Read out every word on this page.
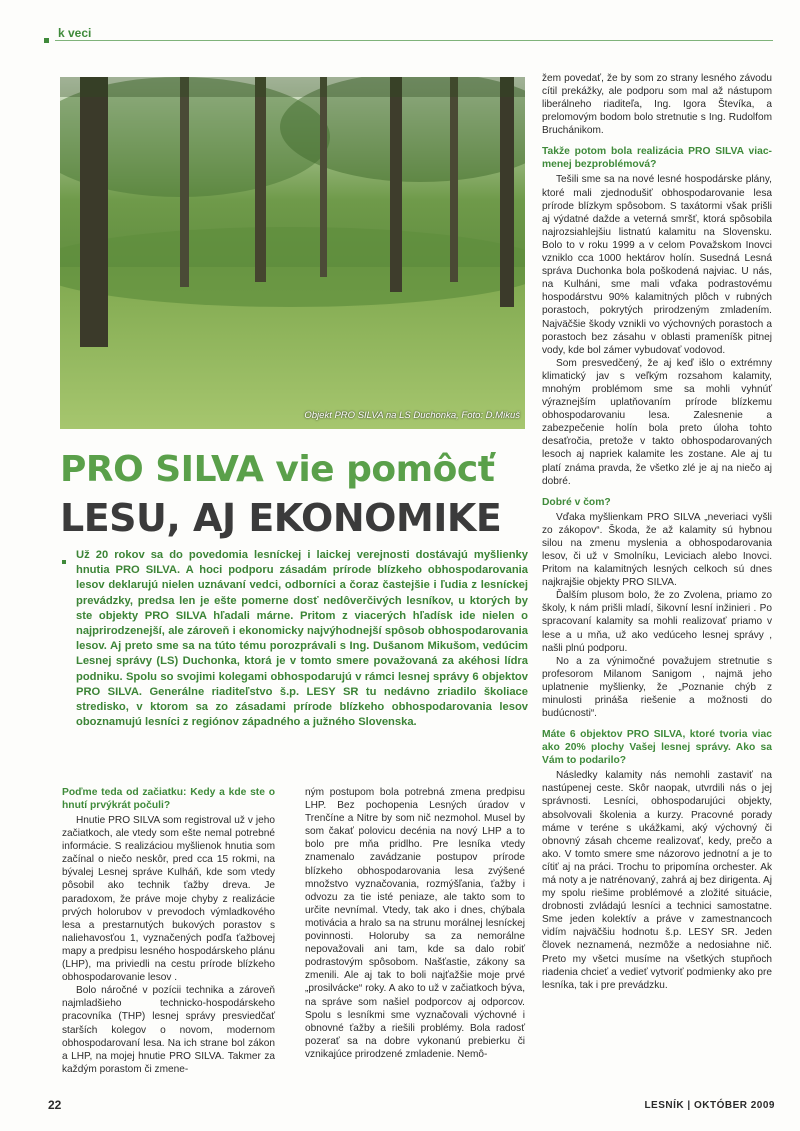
k veci
Objekt PRO SILVA na LS Duchonka, Foto: D.Mikuš
PRO SILVA vie pomôcť
LESU, AJ EKONOMIKE
Už 20 rokov sa do povedomia lesníckej i laickej verejnosti dostávajú myšlienky hnutia PRO SILVA. A hoci podporu zásadám prírode blízkeho obhospodarovania lesov deklarujú nielen uznávaní vedci, odborníci a čoraz častejšie i ľudia z lesníckej prevádzky, predsa len je ešte pomerne dosť nedôverčivých lesníkov, u ktorých by ste objekty PRO SILVA hľadali márne. Pritom z viacerých hľadísk ide nielen o najprirodzenejší, ale zároveň i ekonomicky najvýhodnejší spôsob obhospodarovania lesov. Aj preto sme sa na túto tému porozprávali s Ing. Dušanom Mikušom, vedúcim Lesnej správy (LS) Duchonka, ktorá je v tomto smere považovaná za akéhosi lídra podniku. Spolu so svojimi kolegami obhospodarujú v rámci lesnej správy 6 objektov PRO SILVA. Generálne riaditeľstvo š.p. LESY SR tu nedávno zriadilo školiace stredisko, v ktorom sa zo zásadami prírode blízkeho obhospodarovania lesov oboznamujú lesníci z regiónov západného a južného Slovenska.
Poďme teda od začiatku: Kedy a kde ste o hnutí prvýkrát počuli?

Hnutie PRO SILVA som registroval už v jeho začiatkoch, ale vtedy som ešte nemal potrebné informácie. S realizáciou myšlienok hnutia som začínal o niečo neskôr, pred cca 15 rokmi, na bývalej Lesnej správe Kulháň, kde som vtedy pôsobil ako technik ťažby dreva. Je paradoxom, že práve moje chyby z realizácie prvých holorubov v prevodoch výmladkového lesa a prestarnutých bukových porastov s naliehavosťou 1, vyznačených podľa ťažbovej mapy a predpisu lesného hospodárskeho plánu (LHP), ma priviedli na cestu prírode blízkeho obhospodarovanie lesov .

Bolo náročné v pozícii technika a zároveň najmladšieho technicko-hospodárskeho pracovníka (THP) lesnej správy presviedčať starších kolegov o novom, modernom obhospodarovaní lesa. Na ich strane bol zákon a LHP, na mojej hnutie PRO SILVA. Takmer za každým porastom či zmene-

ným postupom bola potrebná zmena predpisu LHP. Bez pochopenia Lesných úradov v Trenčíne a Nitre by som nič nezmohol. Musel by som čakať polovicu decénia na nový LHP a to bolo pre mňa pridlho. Pre lesníka vtedy znamenalo zavádzanie postupov prírode blízkeho obhospodarovania lesa zvýšené množstvo vyznačovania, rozmýšľania, ťažby i odvozu za tie isté peniaze, ale takto som to určite nevnímal. Vtedy, tak ako i dnes, chýbala motivácia a hralo sa na strunu morálnej lesníckej povinnosti. Holoruby sa za nemorálne nepovažovali ani tam, kde sa dalo robiť podrastovým spôsobom. Našťastie, zákony sa zmenili. Ale aj tak to boli najťažšie moje prvé „prosilvácke“ roky. A ako to už v začiatkoch býva, na správe som našiel podporcov aj odporcov. Spolu s lesníkmi sme vyznačovali výchovné i obnovné ťažby a riešili problémy. Bola radosť pozerať sa na dobre vykonanú prebierku či vznikajúce prirodzené zmladenie. Nemô-

žem povedať, že by som zo strany lesného závodu cítil prekážky, ale podporu som mal až nástupom liberálneho riaditeľa, Ing. Igora Števíka, a prelomovým bodom bolo stretnutie s Ing. Rudolfom Bruchánikom.

Takže potom bola realizácia PRO SILVA viac-menej bezproblémová?

Tešili sme sa na nové lesné hospodárske plány, ktoré mali zjednodušiť obhospodarovanie lesa prírode blízkym spôsobom. S taxátormi však prišli aj výdatné dažde a veterná smršť, ktorá spôsobila najrozsiahlejšiu listnatú kalamitu na Slovensku. Bolo to v roku 1999 a v celom Považskom Inovci vzniklo cca 1000 hektárov holín. Susedná Lesná správa Duchonka bola poškodená najviac. U nás, na Kulháni, sme mali vďaka podrastovému hospodárstvu 90% kalamitných plôch v rubných porastoch, pokrytých prirodzeným zmladením. Najväčšie škody vznikli vo výchovných porastoch a porastoch bez zásahu v oblasti prameníšk pitnej vody, kde bol zámer vybudovať vodovod.

Som presvedčený, že aj keď išlo o extrémny klimatický jav s veľkým rozsahom kalamity, mnohým problémom sme sa mohli vyhnúť výraznejším uplatňovaním prírode blízkemu obhospodarovaniu lesa. Zalesnenie a zabezpečenie holín bola preto úloha tohto desaťročia, pretože v takto obhospodarovaných lesoch aj napriek kalamite les zostane. Ale aj tu platí známa pravda, že všetko zlé je aj na niečo aj dobré.

Dobré v čom?

Vďaka myšlienkam PRO SILVA „neveriaci vyšli zo zákopov“. Škoda, že až kalamity sú hybnou silou na zmenu myslenia a obhospodarovania lesov, či už v Smolníku, Leviciach alebo Inovci. Pritom na kalamitných lesných celkoch sú dnes najkrajšie objekty PRO SILVA.

Ďalším plusom bolo, že zo Zvolena, priamo zo školy, k nám prišli mladí, šikovní lesní inžinieri . Po spracovaní kalamity sa mohli realizovať priamo v lese a u mňa, už ako vedúceho lesnej správy , našli plnú podporu.

No a za výnimočné považujem stretnutie s profesorom Milanom Sanigom , najmä jeho uplatnenie myšlienky, že „Poznanie chýb z minulosti prináša riešenie a možnosti do budúcnosti“.

Máte 6 objektov PRO SILVA, ktoré tvoria viac ako 20% plochy Vašej lesnej správy. Ako sa Vám to podarilo?

Následky kalamity nás nemohli zastaviť na nastúpenej ceste. Skôr naopak, utvrdili nás o jej správnosti. Lesníci, obhospodarujúci objekty, absolvovali školenia a kurzy. Pracovné porady máme v teréne s ukážkami, aký výchovný či obnovný zásah chceme realizovať, kedy, prečo a ako. V tomto smere sme názorovo jednotní a je to cítiť aj na práci. Trochu to pripomína orchester. Ak má noty a je natrénovaný, zahrá aj bez dirigenta. Aj my spolu riešime problémové a zložité situácie, drobnosti zvládajú lesníci a technici samostatne. Sme jeden kolektív a práve v zamestnancoch vidím najväčšiu hodnotu š.p. LESY SR. Jeden človek neznamená, nezmôže a nedosiahne nič. Preto my všetci musíme na všetkých stupňoch riadenia chcieť a vedieť vytvoriť podmienky ako pre lesníka, tak i pre prevádzku.

22	LESNÍK | OKTÓBER 2009
